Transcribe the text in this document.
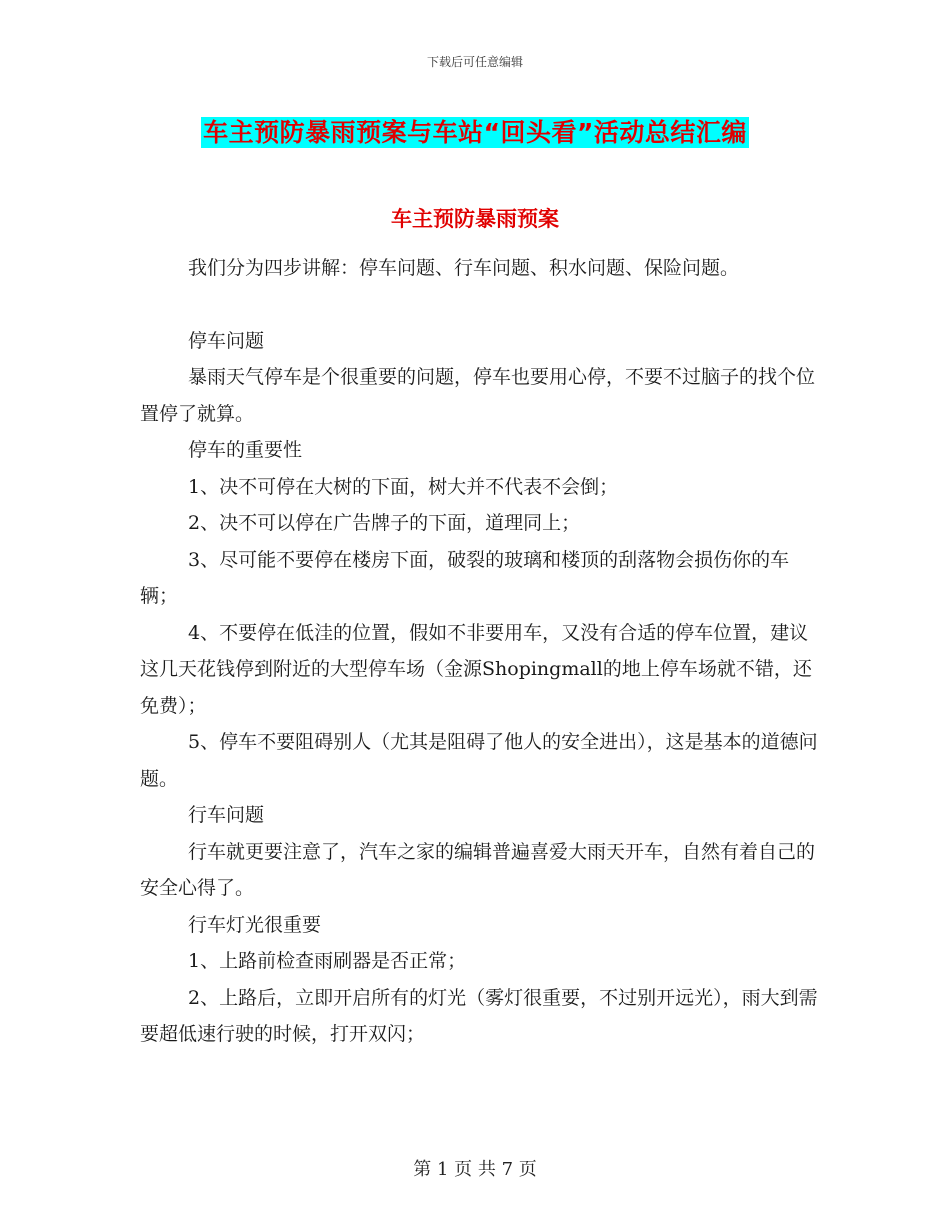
下载后可任意编辑
车主预防暴雨预案与车站“回头看”活动总结汇编
车主预防暴雨预案

我们分为四步讲解：停车问题、行车问题、积水问题、保险问题。

停车问题

暴雨天气停车是个很重要的问题，停车也要用心停，不要不过脑子的找个位置停了就算。

停车的重要性

1、决不可停在大树的下面，树大并不代表不会倒；

2、决不可以停在广告牌子的下面，道理同上；

3、尽可能不要停在楼房下面，破裂的玻璃和楼顶的刮落物会损伤你的车辆；

4、不要停在低洼的位置，假如不非要用车，又没有合适的停车位置，建议这几天花钱停到附近的大型停车场（金源Shopingmall的地上停车场就不错，还免费）；

5、停车不要阻碍别人（尤其是阻碍了他人的安全进出），这是基本的道德问题。

行车问题

行车就更要注意了，汽车之家的编辑普遍喜爱大雨天开车，自然有着自己的安全心得了。

行车灯光很重要

1、上路前检查雨刷器是否正常；

2、上路后，立即开启所有的灯光（雾灯很重要，不过别开远光），雨大到需要超低速行驶的时候，打开双闪；

第 1 页 共 7 页
